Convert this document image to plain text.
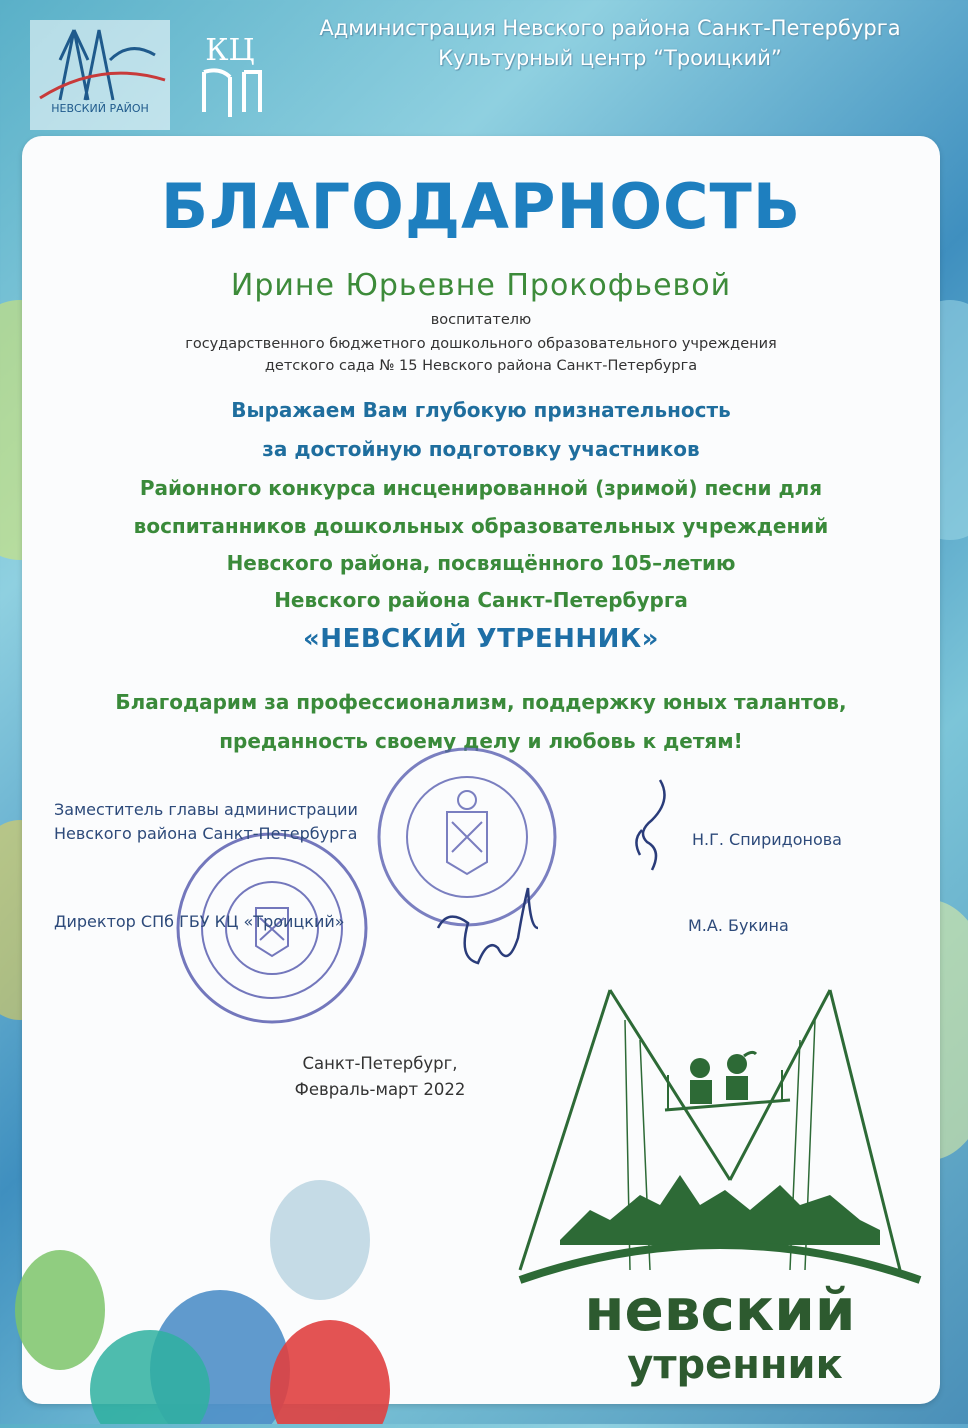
НЕВСКИЙ РАЙОН
КЦ
Администрация Невского района Санкт-Петербурга
Культурный центр “Троицкий”
БЛАГОДАРНОСТЬ
Ирине Юрьевне Прокофьевой
воспитателю
государственного бюджетного дошкольного образовательного учреждения
детского сада № 15 Невского района Санкт-Петербурга
Выражаем Вам глубокую признательность
за достойную подготовку участников
Районного конкурса инсценированной (зримой) песни для
воспитанников дошкольных образовательных учреждений
Невского района, посвящённого 105–летию
Невского района Санкт-Петербурга
«НЕВСКИЙ УТРЕННИК»
Благодарим за профессионализм, поддержку юных талантов,
преданность своему делу и любовь к детям!
Заместитель главы администрации
Невского района Санкт-Петербурга	Н.Г. Спиридонова
Директор СПб ГБУ КЦ «Троицкий»	М.А. Букина
Санкт-Петербург,
Февраль-март 2022
невский
утренник
